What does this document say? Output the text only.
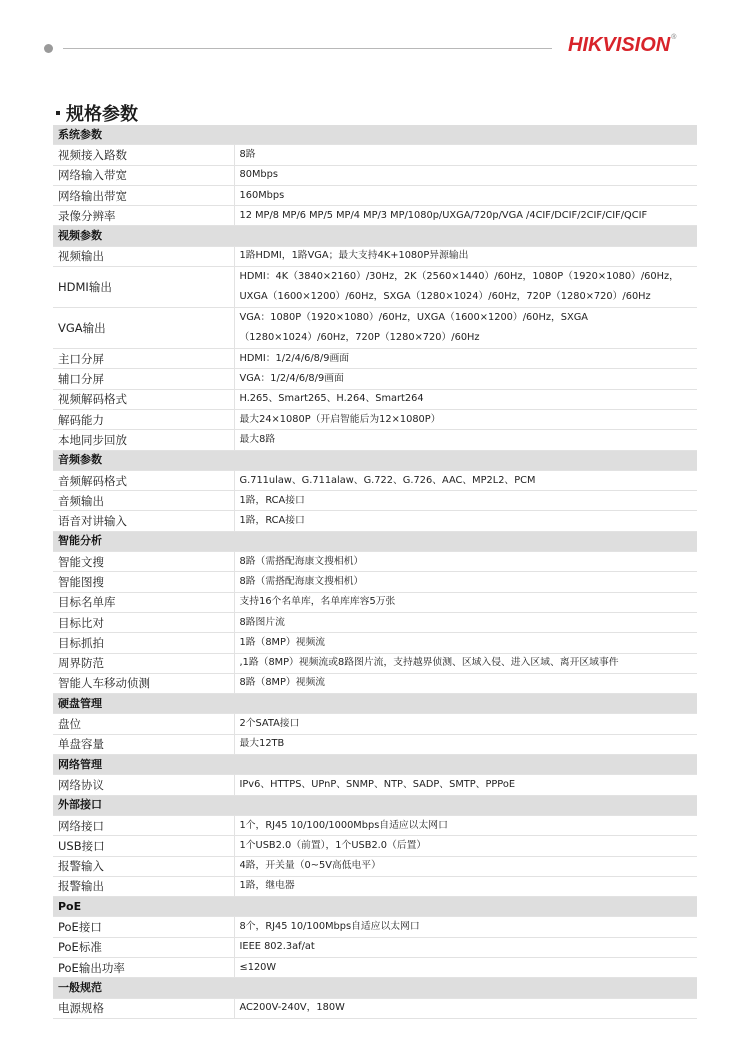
HIKVISION®
规格参数
系统参数	
视频接入路数	8路
网络输入带宽	80Mbps
网络输出带宽	160Mbps
录像分辨率	12 MP/8 MP/6 MP/5 MP/4 MP/3 MP/1080p/UXGA/720p/VGA /4CIF/DCIF/2CIF/CIF/QCIF
视频参数	
视频输出	1路HDMI，1路VGA；最大支持4K+1080P异源输出
HDMI输出	HDMI：4K（3840×2160）/30Hz，2K（2560×1440）/60Hz，1080P（1920×1080）/60Hz，UXGA（1600×1200）/60Hz，SXGA（1280×1024）/60Hz，720P（1280×720）/60Hz
VGA输出	VGA：1080P（1920×1080）/60Hz，UXGA（1600×1200）/60Hz，SXGA（1280×1024）/60Hz，720P（1280×720）/60Hz
主口分屏	HDMI：1/2/4/6/8/9画面
辅口分屏	VGA：1/2/4/6/8/9画面
视频解码格式	H.265、Smart265、H.264、Smart264
解码能力	最大24×1080P（开启智能后为12×1080P）
本地同步回放	最大8路
音频参数	
音频解码格式	G.711ulaw、G.711alaw、G.722、G.726、AAC、MP2L2、PCM
音频输出	1路，RCA接口
语音对讲输入	1路，RCA接口
智能分析	
智能文搜	8路（需搭配海康文搜相机）
智能图搜	8路（需搭配海康文搜相机）
目标名单库	支持16个名单库，名单库库容5万张
目标比对	8路图片流
目标抓拍	1路（8MP）视频流
周界防范	,1路（8MP）视频流或8路图片流，支持越界侦测、区域入侵、进入区域、离开区域事件
智能人车移动侦测	8路（8MP）视频流
硬盘管理	
盘位	2个SATA接口
单盘容量	最大12TB
网络管理	
网络协议	IPv6、HTTPS、UPnP、SNMP、NTP、SADP、SMTP、PPPoE
外部接口	
网络接口	1个，RJ45 10/100/1000Mbps自适应以太网口
USB接口	1个USB2.0（前置），1个USB2.0（后置）
报警输入	4路，开关量（0~5V高低电平）
报警输出	1路，继电器
PoE	
PoE接口	8个，RJ45 10/100Mbps自适应以太网口
PoE标准	IEEE 802.3af/at
PoE输出功率	≤120W
一般规范	
电源规格	AC200V-240V，180W
